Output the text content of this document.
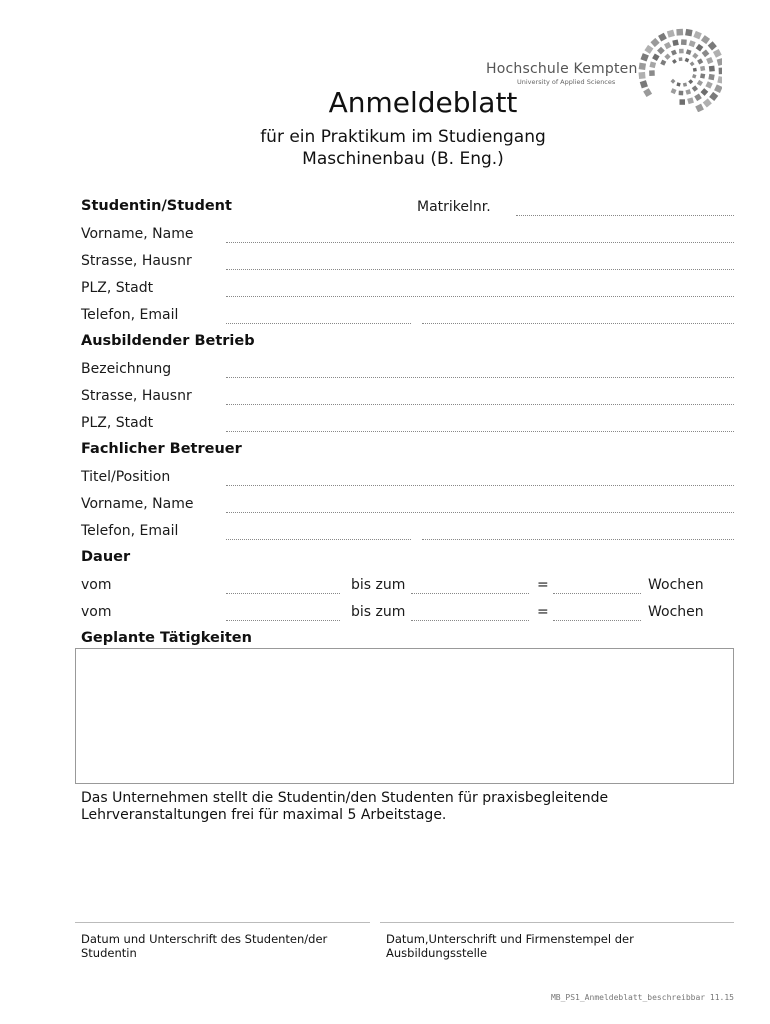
Hochschule Kempten
University of Applied Sciences
Anmeldeblatt
für ein Praktikum im Studiengang
Maschinenbau (B. Eng.)
Studentin/Student	Matrikelnr.
Vorname, Name
Strasse, Hausnr
PLZ, Stadt
Telefon, Email
Ausbildender Betrieb
Bezeichnung
Strasse, Hausnr
PLZ, Stadt
Fachlicher Betreuer
Titel/Position
Vorname, Name
Telefon, Email
Dauer
vom	bis zum	=	Wochen
vom	bis zum	=	Wochen
Geplante Tätigkeiten
Das Unternehmen stellt die Studentin/den Studenten für praxisbegleitende
Lehrveranstaltungen frei für maximal 5 Arbeitstage.
Datum und Unterschrift des Studenten/der
Studentin
Datum,Unterschrift und Firmenstempel der
Ausbildungsstelle
MB_PS1_Anmeldeblatt_beschreibbar 11.15
